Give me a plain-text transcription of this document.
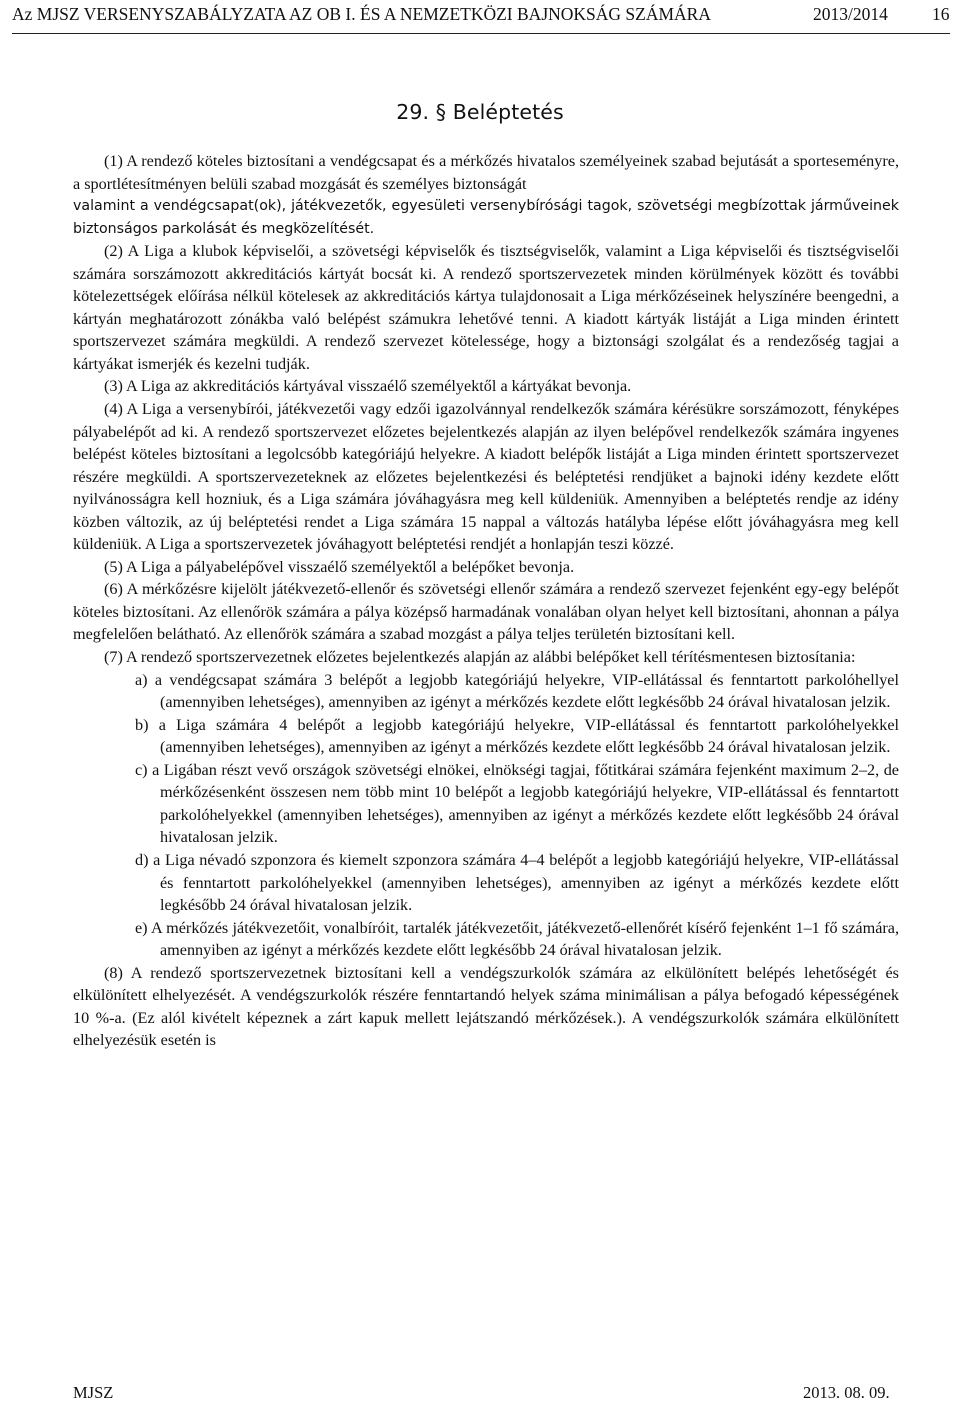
Az MJSZ VERSENYSZABÁLYZATA AZ OB I. ÉS A NEMZETKÖZI BAJNOKSÁG SZÁMÁRA	2013/2014	16
29. § Beléptetés

(1) A rendező köteles biztosítani a vendégcsapat és a mérkőzés hivatalos személyeinek szabad bejutását a sporteseményre, a sportlétesítményen belüli szabad mozgását és személyes biztonságát

valamint a vendégcsapat(ok), játékvezetők, egyesületi versenybírósági tagok, szövetségi megbízottak járműveinek biztonságos parkolását és megközelítését.

(2) A Liga a klubok képviselői, a szövetségi képviselők és tisztségviselők, valamint a Liga képviselői és tisztségviselői számára sorszámozott akkreditációs kártyát bocsát ki. A rendező sportszervezetek minden körülmények között és további kötelezettségek előírása nélkül kötelesek az akkreditációs kártya tulajdonosait a Liga mérkőzéseinek helyszínére beengedni, a kártyán meghatározott zónákba való belépést számukra lehetővé tenni. A kiadott kártyák listáját a Liga minden érintett sportszervezet számára megküldi. A rendező szervezet kötelessége, hogy a biztonsági szolgálat és a rendezőség tagjai a kártyákat ismerjék és kezelni tudják.

(3) A Liga az akkreditációs kártyával visszaélő személyektől a kártyákat bevonja.

(4) A Liga a versenybírói, játékvezetői vagy edzői igazolvánnyal rendelkezők számára kérésükre sorszámozott, fényképes pályabelépőt ad ki. A rendező sportszervezet előzetes bejelentkezés alapján az ilyen belépővel rendelkezők számára ingyenes belépést köteles biztosítani a legolcsóbb kategóriájú helyekre. A kiadott belépők listáját a Liga minden érintett sportszervezet részére megküldi. A sportszervezeteknek az előzetes bejelentkezési és beléptetési rendjüket a bajnoki idény kezdete előtt nyilvánosságra kell hozniuk, és a Liga számára jóváhagyásra meg kell küldeniük. Amennyiben a beléptetés rendje az idény közben változik, az új beléptetési rendet a Liga számára 15 nappal a változás hatályba lépése előtt jóváhagyásra meg kell küldeniük. A Liga a sportszervezetek jóváhagyott beléptetési rendjét a honlapján teszi közzé.

(5) A Liga a pályabelépővel visszaélő személyektől a belépőket bevonja.

(6) A mérkőzésre kijelölt játékvezető-ellenőr és szövetségi ellenőr számára a rendező szervezet fejenként egy-egy belépőt köteles biztosítani. Az ellenőrök számára a pálya középső harmadának vonalában olyan helyet kell biztosítani, ahonnan a pálya megfelelően belátható. Az ellenőrök számára a szabad mozgást a pálya teljes területén biztosítani kell.

(7) A rendező sportszervezetnek előzetes bejelentkezés alapján az alábbi belépőket kell térítésmentesen biztosítania:

a) a vendégcsapat számára 3 belépőt a legjobb kategóriájú helyekre, VIP-ellátással és fenntartott parkolóhellyel (amennyiben lehetséges), amennyiben az igényt a mérkőzés kezdete előtt legkésőbb 24 órával hivatalosan jelzik.
b) a Liga számára 4 belépőt a legjobb kategóriájú helyekre, VIP-ellátással és fenntartott parkolóhelyekkel (amennyiben lehetséges), amennyiben az igényt a mérkőzés kezdete előtt legkésőbb 24 órával hivatalosan jelzik.
c) a Ligában részt vevő országok szövetségi elnökei, elnökségi tagjai, főtitkárai számára fejenként maximum 2–2, de mérkőzésenként összesen nem több mint 10 belépőt a legjobb kategóriájú helyekre, VIP-ellátással és fenntartott parkolóhelyekkel (amennyiben lehetséges), amennyiben az igényt a mérkőzés kezdete előtt legkésőbb 24 órával hivatalosan jelzik.
d) a Liga névadó szponzora és kiemelt szponzora számára 4–4 belépőt a legjobb kategóriájú helyekre, VIP-ellátással és fenntartott parkolóhelyekkel (amennyiben lehetséges), amennyiben az igényt a mérkőzés kezdete előtt legkésőbb 24 órával hivatalosan jelzik.
e) A mérkőzés játékvezetőit, vonalbíróit, tartalék játékvezetőit, játékvezető-ellenőrét kísérő fejenként 1–1 fő számára, amennyiben az igényt a mérkőzés kezdete előtt legkésőbb 24 órával hivatalosan jelzik.

(8) A rendező sportszervezetnek biztosítani kell a vendégszurkolók számára az elkülönített belépés lehetőségét és elkülönített elhelyezését. A vendégszurkolók részére fenntartandó helyek száma minimálisan a pálya befogadó képességének 10 %-a. (Ez alól kivételt képeznek a zárt kapuk mellett lejátszandó mérkőzések.). A vendégszurkolók számára elkülönített elhelyezésük esetén is

MJSZ	2013. 08. 09.
